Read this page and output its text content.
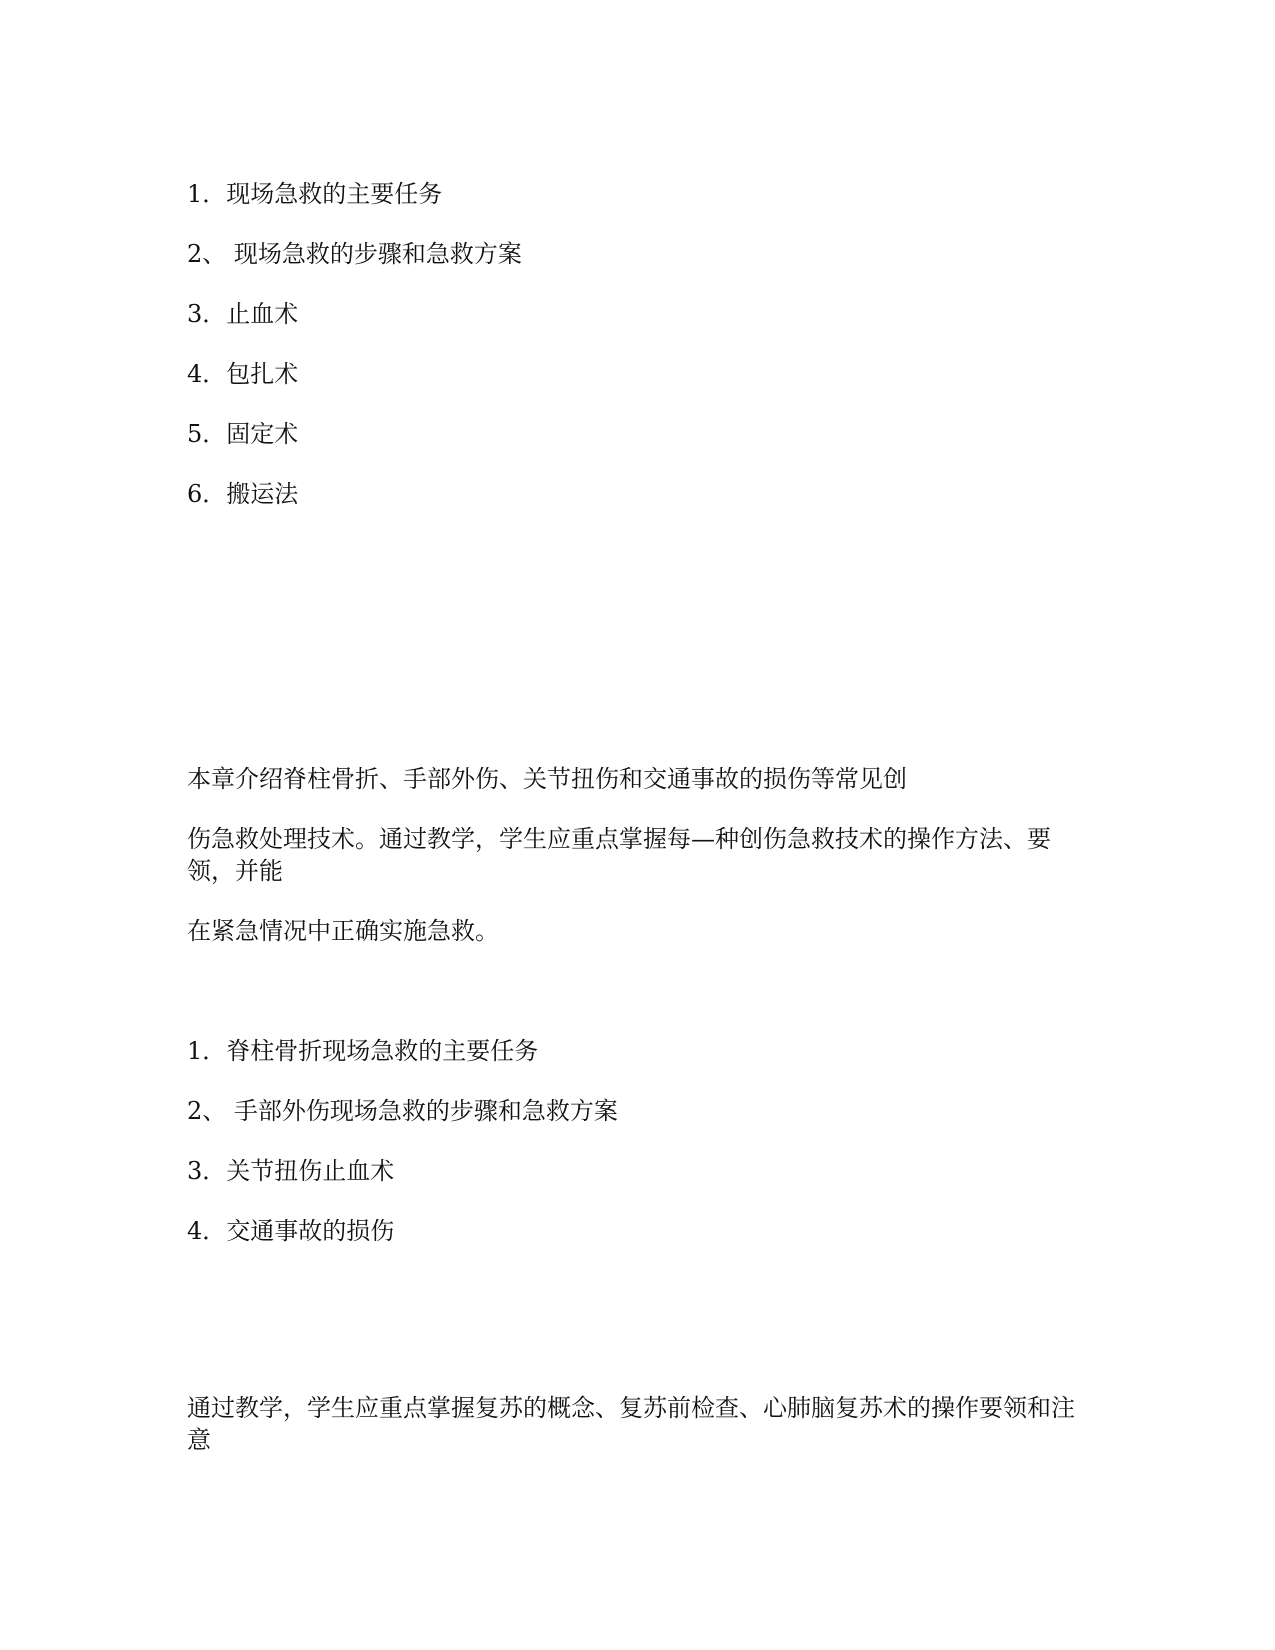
1．现场急救的主要任务
2、 现场急救的步骤和急救方案
3．止血术
4．包扎术
5．固定术
6．搬运法
本章介绍脊柱骨折、手部外伤、关节扭伤和交通事故的损伤等常见创
伤急救处理技术。通过教学，学生应重点掌握每—种创伤急救技术的操作方法、要领，并能
在紧急情况中正确实施急救。
1．脊柱骨折现场急救的主要任务
2、 手部外伤现场急救的步骤和急救方案
3．关节扭伤止血术
4．交通事故的损伤
通过教学，学生应重点掌握复苏的概念、复苏前检查、心肺脑复苏术的操作要领和注意
